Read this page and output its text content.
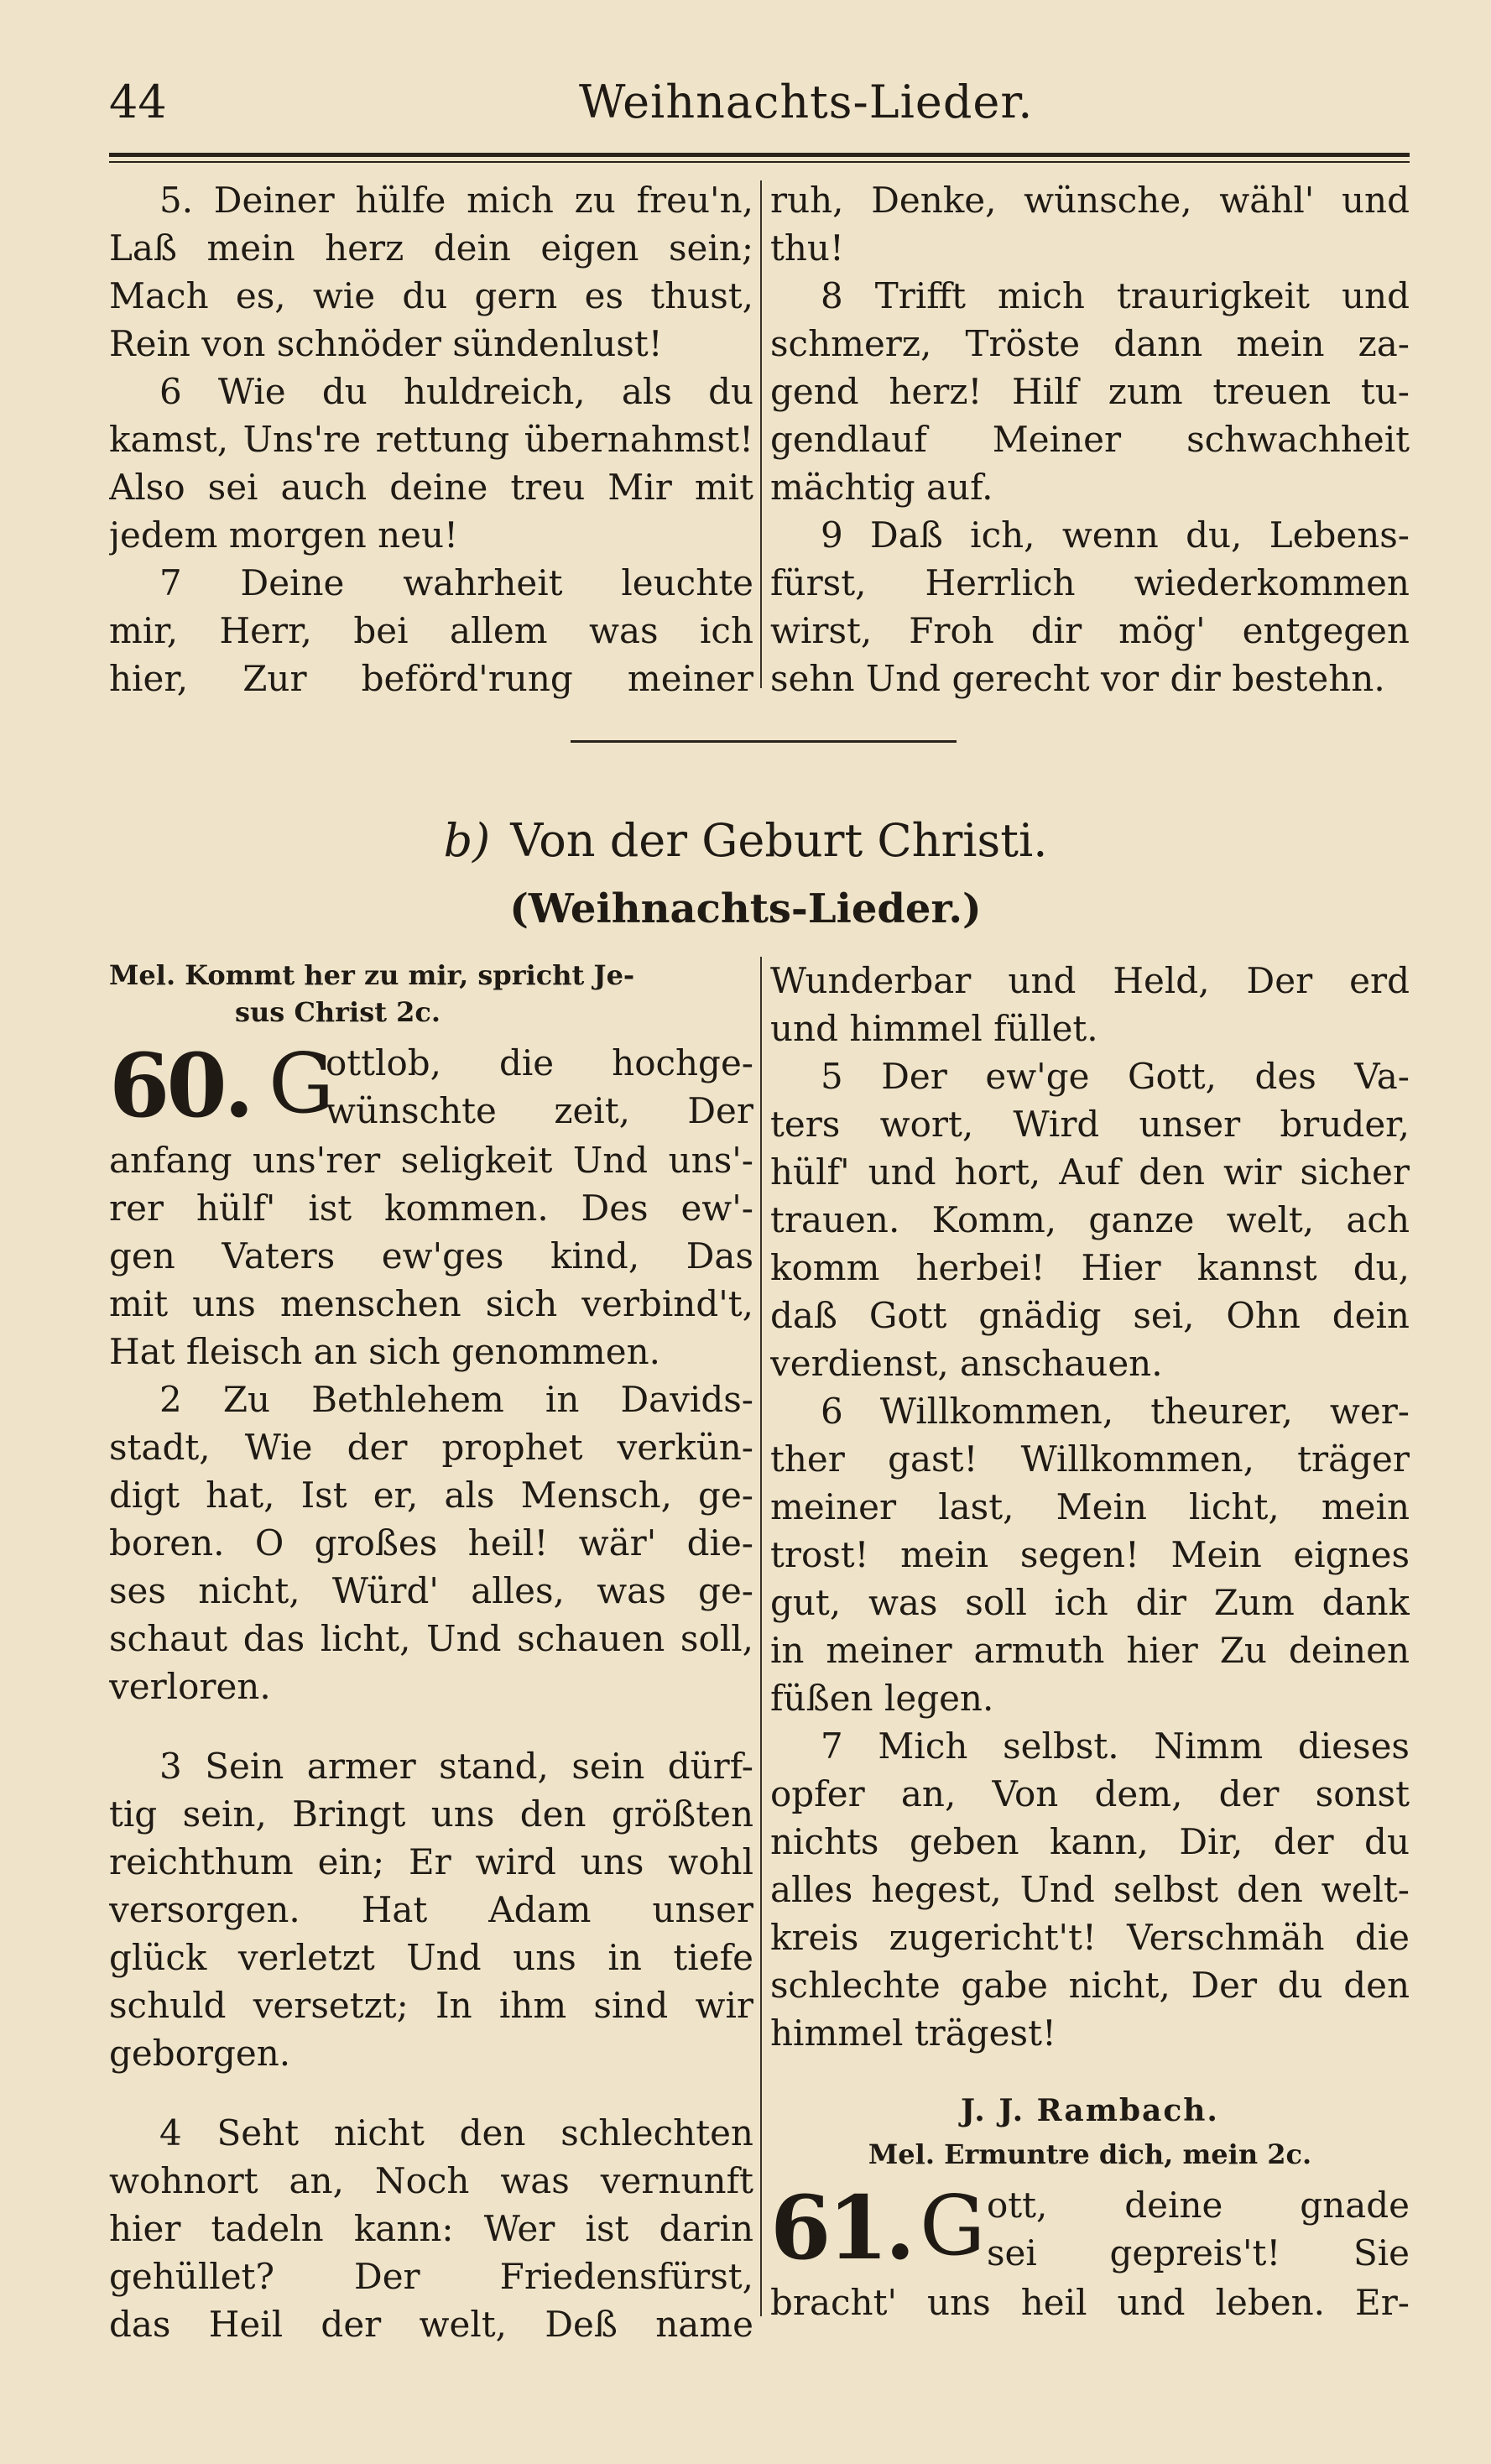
44	Weihnachts-Lieder.
5. Deiner hülfe mich zu freu'n,
Laß mein herz dein eigen sein;
Mach es, wie du gern es thust,
Rein von schnöder sündenlust!
6 Wie du huldreich, als du
kamst, Uns're rettung übernahmst!
Also sei auch deine treu Mir mit
jedem morgen neu!
7 Deine wahrheit leuchte
mir, Herr, bei allem was ich
hier, Zur beförd'rung meiner
ruh, Denke, wünsche, wähl' und
thu!
8 Trifft mich traurigkeit und
schmerz, Tröste dann mein za-
gend herz! Hilf zum treuen tu-
gendlauf Meiner schwachheit
mächtig auf.
9 Daß ich, wenn du, Lebens-
fürst, Herrlich wiederkommen
wirst, Froh dir mög' entgegen
sehn Und gerecht vor dir bestehn.
b) Von der Geburt Christi.
(Weihnachts-Lieder.)
Mel. Kommt her zu mir, spricht Je-
sus Christ 2c.
60. G
ottlob, die hochge-
wünschte zeit, Der
anfang uns'rer seligkeit Und uns'-
rer hülf' ist kommen. Des ew'-
gen Vaters ew'ges kind, Das
mit uns menschen sich verbind't,
Hat fleisch an sich genommen.
2 Zu Bethlehem in Davids-
stadt, Wie der prophet verkün-
digt hat, Ist er, als Mensch, ge-
boren. O großes heil! wär' die-
ses nicht, Würd' alles, was ge-
schaut das licht, Und schauen soll,
verloren.
3 Sein armer stand, sein dürf-
tig sein, Bringt uns den größten
reichthum ein; Er wird uns wohl
versorgen. Hat Adam unser
glück verletzt Und uns in tiefe
schuld versetzt; In ihm sind wir
geborgen.
4 Seht nicht den schlechten
wohnort an, Noch was vernunft
hier tadeln kann: Wer ist darin
gehüllet? Der Friedensfürst,
das Heil der welt, Deß name
Wunderbar und Held, Der erd
und himmel füllet.
5 Der ew'ge Gott, des Va-
ters wort, Wird unser bruder,
hülf' und hort, Auf den wir sicher
trauen. Komm, ganze welt, ach
komm herbei! Hier kannst du,
daß Gott gnädig sei, Ohn dein
verdienst, anschauen.
6 Willkommen, theurer, wer-
ther gast! Willkommen, träger
meiner last, Mein licht, mein
trost! mein segen! Mein eignes
gut, was soll ich dir Zum dank
in meiner armuth hier Zu deinen
füßen legen.
7 Mich selbst. Nimm dieses
opfer an, Von dem, der sonst
nichts geben kann, Dir, der du
alles hegest, Und selbst den welt-
kreis zugericht't! Verschmäh die
schlechte gabe nicht, Der du den
himmel trägest!
J. J. Rambach.
Mel. Ermuntre dich, mein 2c.
61. G ott, deine gnade
sei gepreis't! Sie
bracht' uns heil und leben. Er-
